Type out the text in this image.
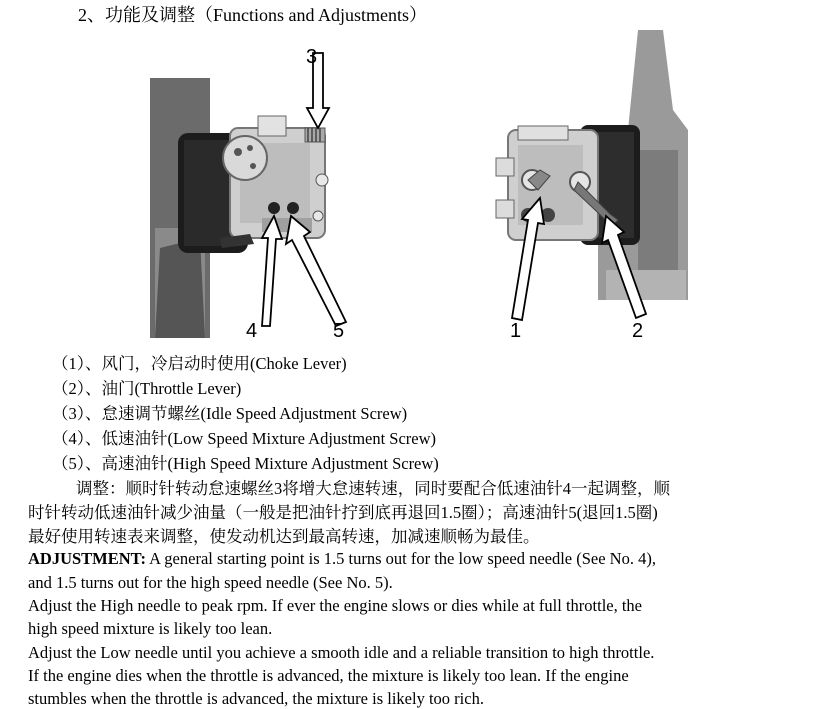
2、功能及调整（Functions and Adjustments）
3
4	5	1	2
（1）、风门，冷启动时使用(Choke Lever)
（2）、油门(Throttle Lever)
（3）、怠速调节螺丝(Idle Speed Adjustment Screw)
（4）、低速油针(Low Speed Mixture Adjustment Screw)
（5）、高速油针(High Speed Mixture Adjustment Screw)
调整：顺时针转动怠速螺丝3将增大怠速转速，同时要配合低速油针4一起调整，顺
时针转动低速油针减少油量（一般是把油针拧到底再退回1.5圈）；高速油针5(退回1.5圈)
最好使用转速表来调整，使发动机达到最高转速，加减速顺畅为最佳。
ADJUSTMENT: A general starting point is 1.5 turns out for the low speed needle (See No. 4),
and 1.5 turns out for the high speed needle (See No. 5).
Adjust the High needle to peak rpm. If ever the engine slows or dies while at full throttle, the
high speed mixture is likely too lean.
Adjust the Low needle until you achieve a smooth idle and a reliable transition to high throttle.
If the engine dies when the throttle is advanced, the mixture is likely too lean. If the engine
stumbles when the throttle is advanced, the mixture is likely too rich.
